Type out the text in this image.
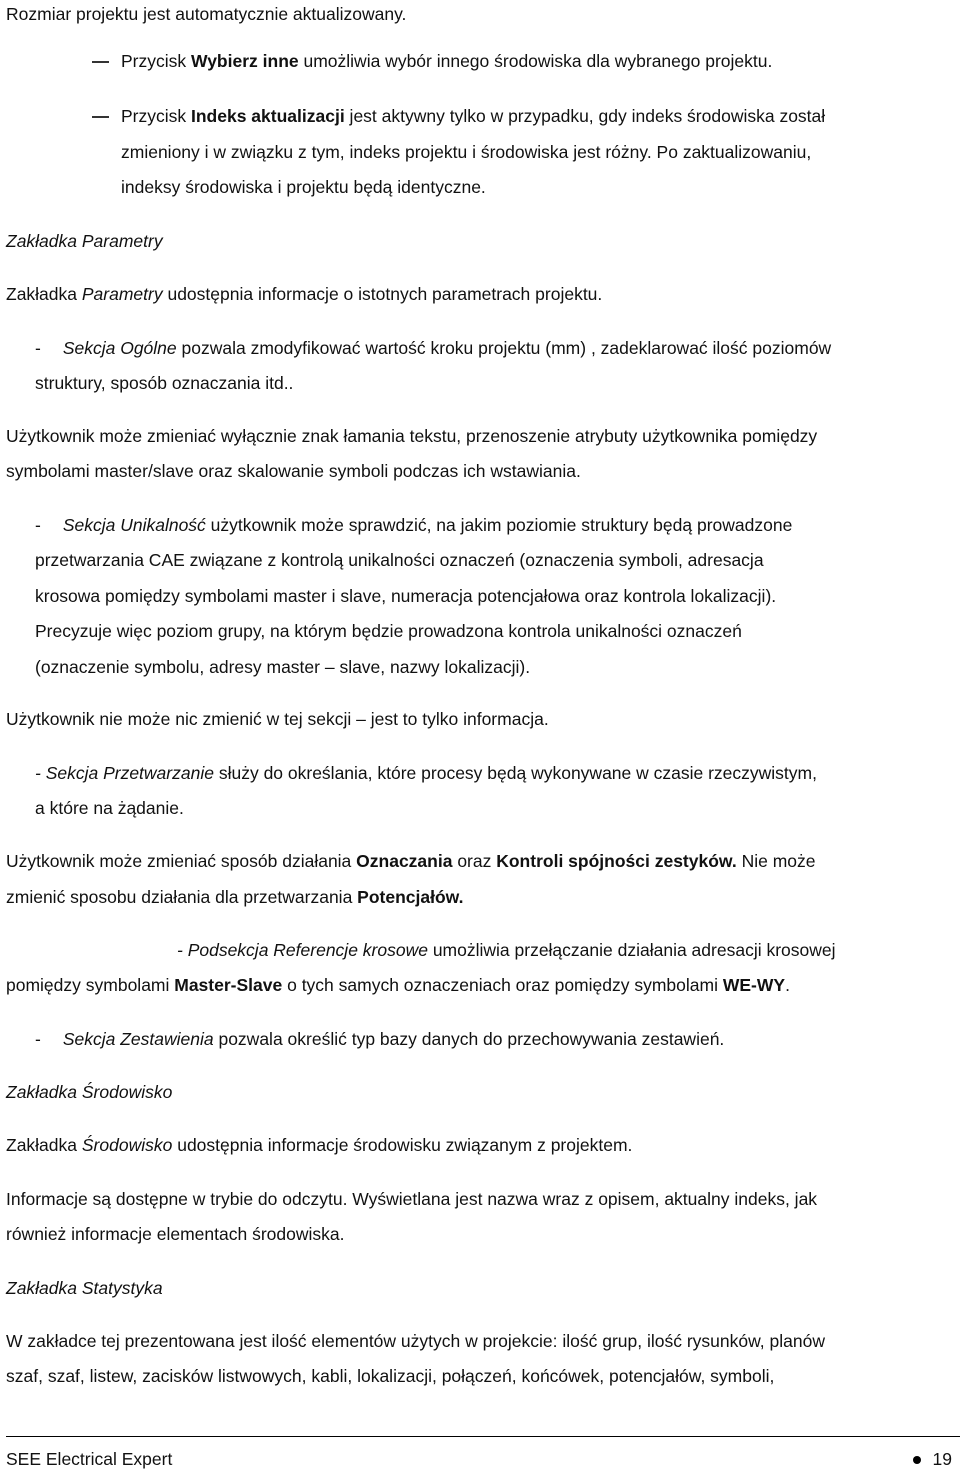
Rozmiar projektu jest automatycznie aktualizowany.
Przycisk Wybierz inne umożliwia wybór innego środowiska dla wybranego projektu.
Przycisk Indeks aktualizacji jest aktywny tylko w przypadku, gdy indeks środowiska został
zmieniony i w związku z tym, indeks projektu i środowiska jest różny. Po zaktualizowaniu,
indeksy środowiska i projektu będą identyczne.
Zakładka Parametry
Zakładka Parametry udostępnia informacje o istotnych parametrach projektu.
- Sekcja Ogólne pozwala zmodyfikować wartość kroku projektu (mm) , zadeklarować ilość poziomów
struktury, sposób oznaczania itd..
Użytkownik może zmieniać wyłącznie znak łamania tekstu, przenoszenie atrybuty użytkownika pomiędzy
symbolami master/slave oraz skalowanie symboli podczas ich wstawiania.
- Sekcja Unikalność użytkownik może sprawdzić, na jakim poziomie struktury będą prowadzone
przetwarzania CAE związane z kontrolą unikalności oznaczeń (oznaczenia symboli, adresacja
krosowa pomiędzy symbolami master i slave, numeracja potencjałowa oraz kontrola lokalizacji).
Precyzuje więc poziom grupy, na którym będzie prowadzona kontrola unikalności oznaczeń
(oznaczenie symbolu, adresy master – slave, nazwy lokalizacji).
Użytkownik nie może nic zmienić w tej sekcji – jest to tylko informacja.
- Sekcja Przetwarzanie służy do określania, które procesy będą wykonywane w czasie rzeczywistym,
a które na żądanie.
Użytkownik może zmieniać sposób działania Oznaczania oraz Kontroli spójności zestyków. Nie może
zmienić sposobu działania dla przetwarzania Potencjałów.
- Podsekcja Referencje krosowe umożliwia przełączanie działania adresacji krosowej
pomiędzy symbolami Master-Slave o tych samych oznaczeniach oraz pomiędzy symbolami WE-WY.
- Sekcja Zestawienia pozwala określić typ bazy danych do przechowywania zestawień.
Zakładka Środowisko
Zakładka Środowisko udostępnia informacje środowisku związanym z projektem.
Informacje są dostępne w trybie do odczytu. Wyświetlana jest nazwa wraz z opisem, aktualny indeks, jak
również informacje elementach środowiska.
Zakładka Statystyka
W zakładce tej prezentowana jest ilość elementów użytych w projekcie: ilość grup, ilość rysunków, planów
szaf, szaf, listew, zacisków listwowych, kabli, lokalizacji, połączeń, końcówek, potencjałów, symboli,
SEE Electrical Expert	19
